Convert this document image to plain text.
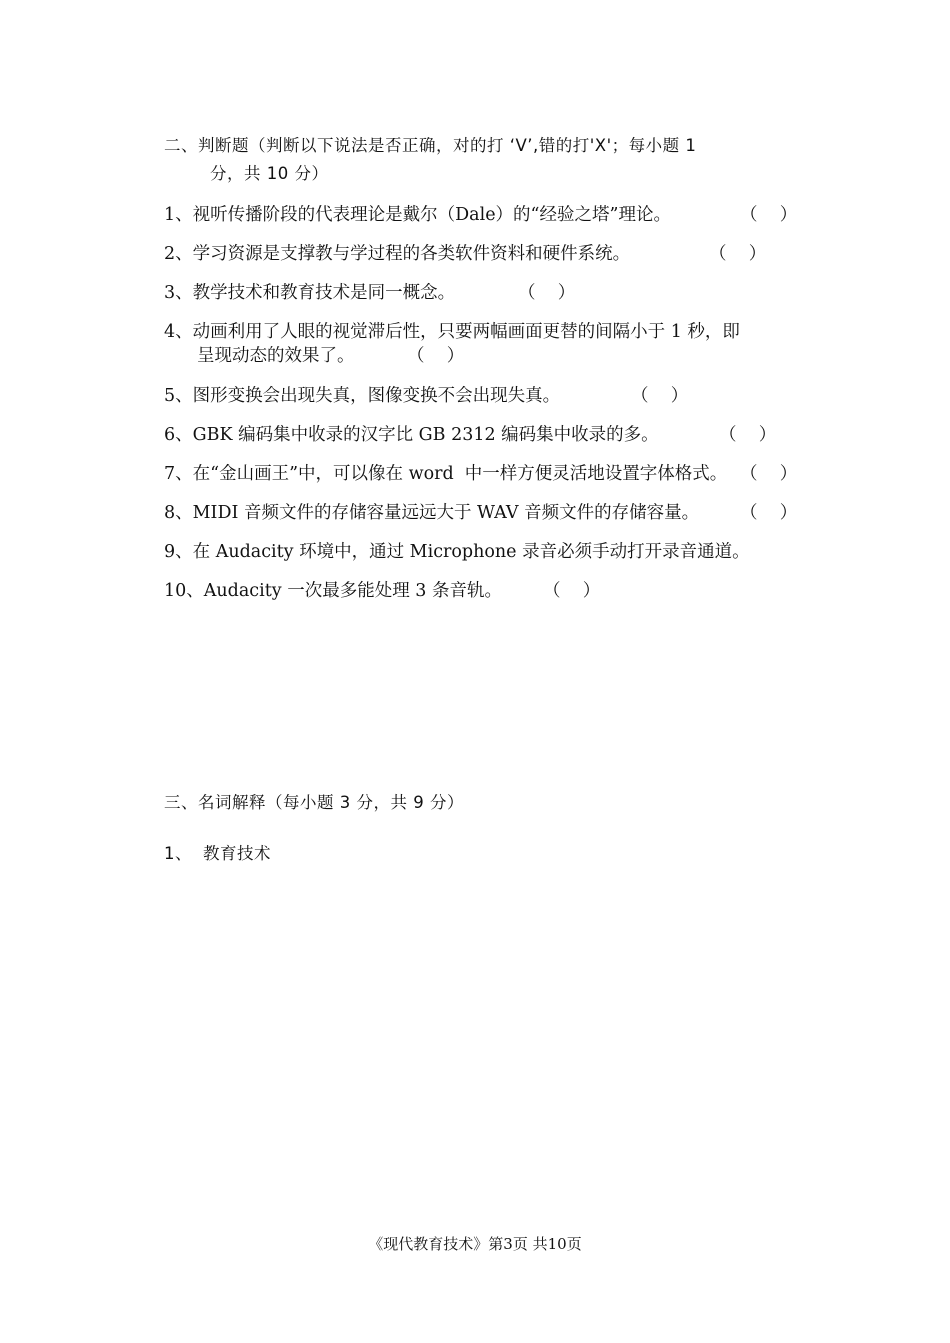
二、判断题（判断以下说法是否正确，对的打 ‘V’,错的打'X'；每小题 1
分，共 10 分）
1、视听传播阶段的代表理论是戴尔（Dale）的“经验之塔”理论。	（    ）
2、学习资源是支撑教与学过程的各类软件资料和硬件系统。	（    ）
3、教学技术和教育技术是同一概念。	（    ）
4、动画利用了人眼的视觉滞后性，只要两幅画面更替的间隔小于 1 秒，即
呈现动态的效果了。	（    ）
5、图形变换会出现失真，图像变换不会出现失真。	（    ）
6、GBK 编码集中收录的汉字比 GB 2312 编码集中收录的多。	（    ）
7、在“金山画王”中，可以像在 word  中一样方便灵活地设置字体格式。 （    ）
8、MIDI 音频文件的存储容量远远大于 WAV 音频文件的存储容量。 （    ）
9、在 Audacity 环境中，通过 Microphone 录音必须手动打开录音通道。
10、Audacity 一次最多能处理 3 条音轨。 （    ）
三、名词解释（每小题 3 分，共 9 分）
1、 教育技术
《现代教育技术》第3页 共10页
